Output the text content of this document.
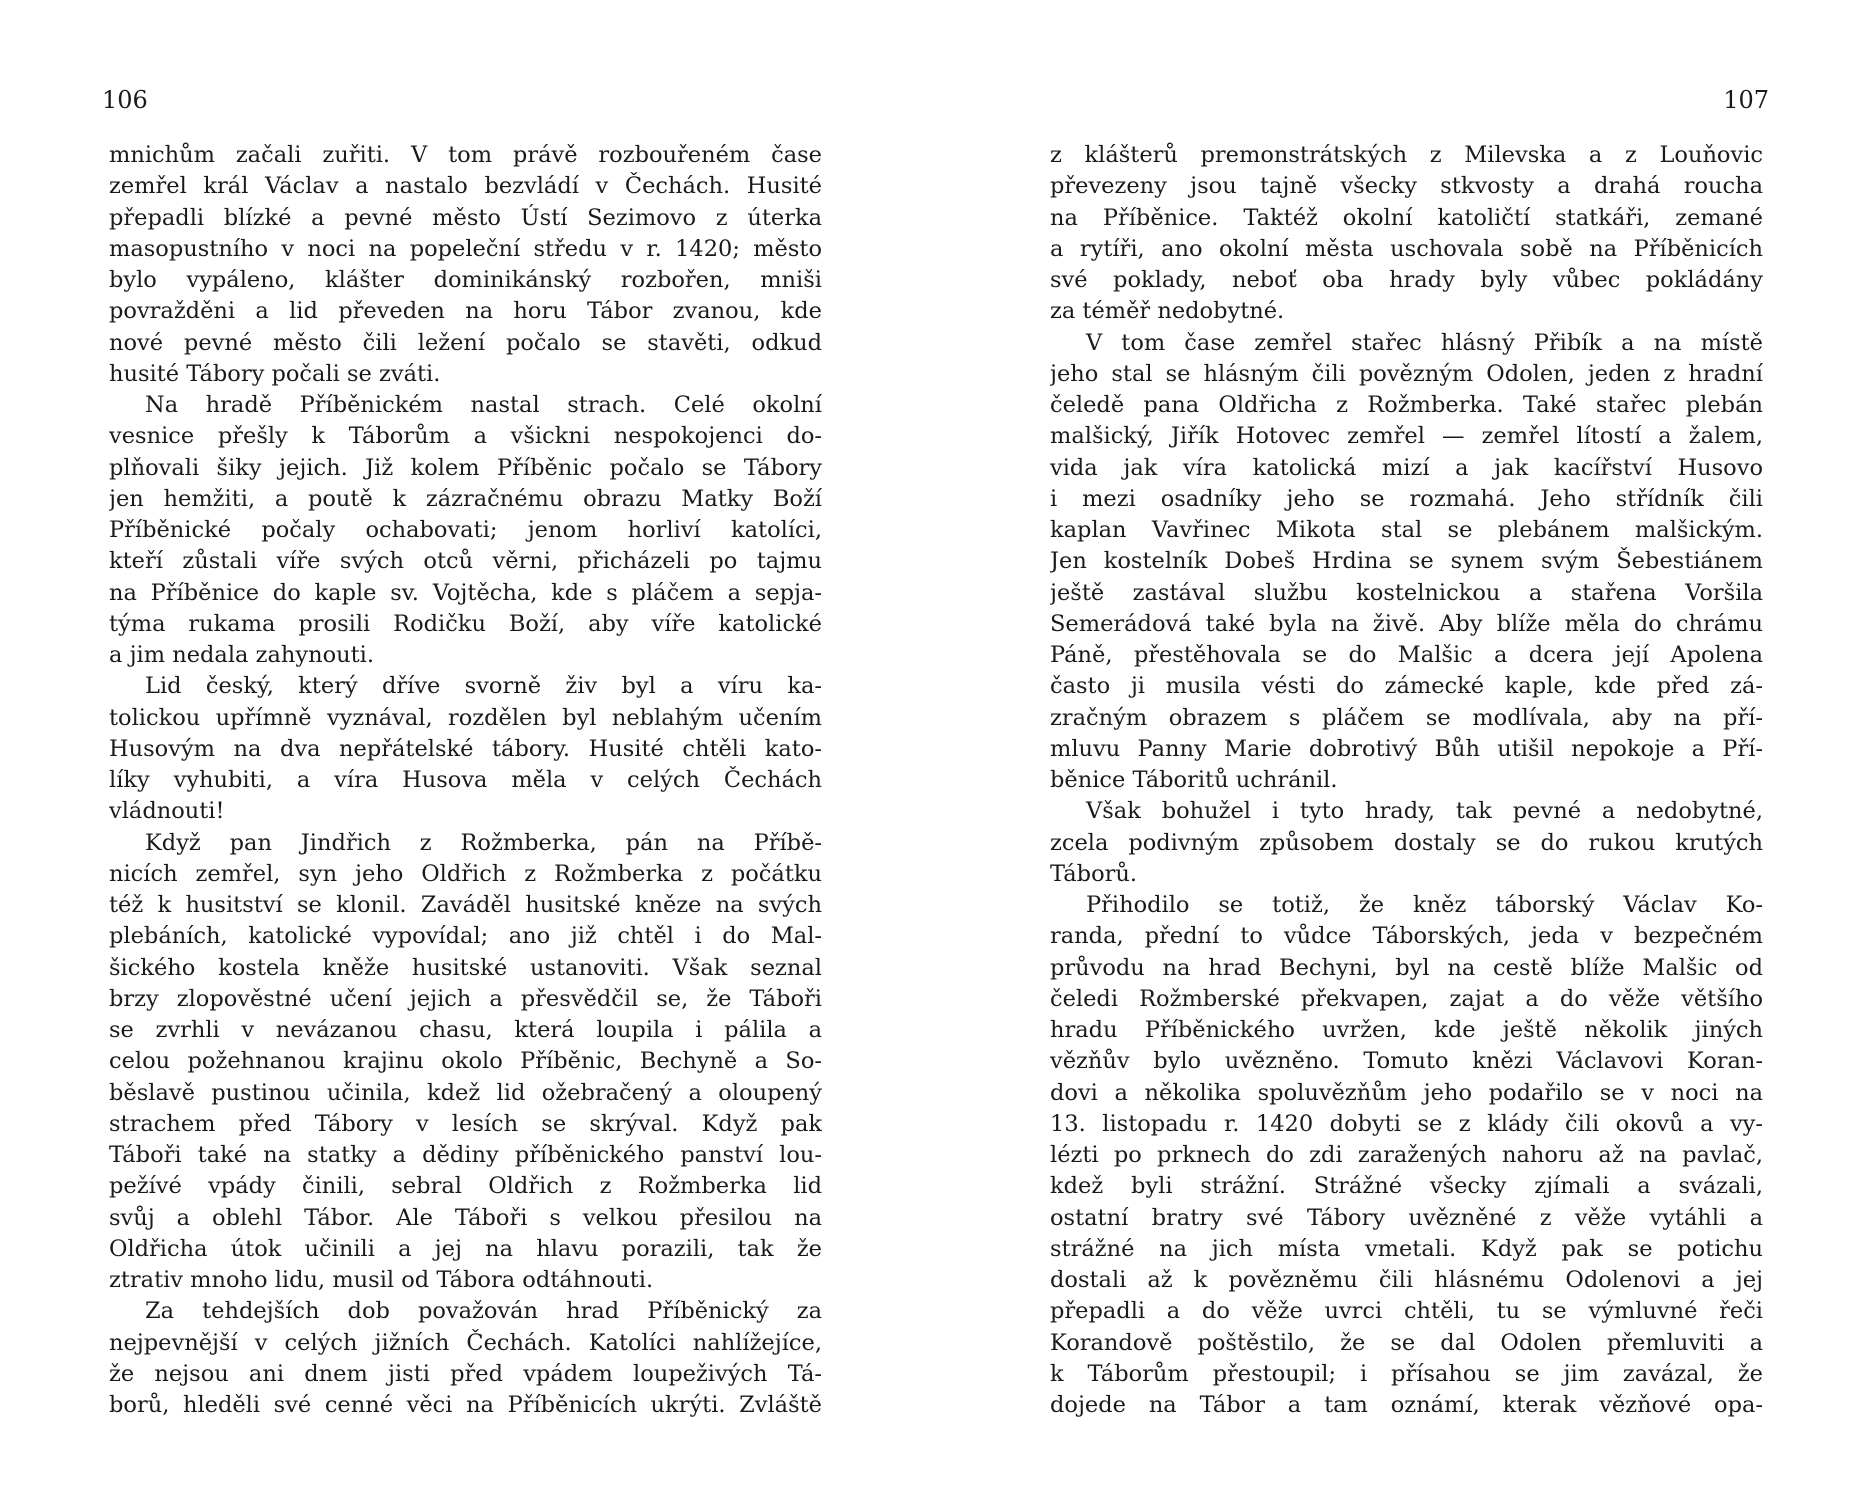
106
mnichům začali zuřiti. V tom právě rozbouřeném čase
zemřel král Václav a nastalo bezvládí v Čechách. Husité
přepadli blízké a pevné město Ústí Sezimovo z úterka
masopustního v noci na popeleční středu v r. 1420; město
bylo vypáleno, klášter dominikánský rozbořen, mniši
povražděni a lid převeden na horu Tábor zvanou, kde
nové pevné město čili ležení počalo se stavěti, odkud
husité Tábory počali se zváti.
Na hradě Příběnickém nastal strach. Celé okolní
vesnice přešly k Táborům a všickni nespokojenci do-
plňovali šiky jejich. Již kolem Příběnic počalo se Tábory
jen hemžiti, a poutě k zázračnému obrazu Matky Boží
Příběnické počaly ochabovati; jenom horliví katolíci,
kteří zůstali víře svých otců věrni, přicházeli po tajmu
na Příběnice do kaple sv. Vojtěcha, kde s pláčem a sepja-
týma rukama prosili Rodičku Boží, aby víře katolické
a jim nedala zahynouti.
Lid český, který dříve svorně živ byl a víru ka-
tolickou upřímně vyznával, rozdělen byl neblahým učením
Husovým na dva nepřátelské tábory. Husité chtěli kato-
líky vyhubiti, a víra Husova měla v celých Čechách
vládnouti!
Když pan Jindřich z Rožmberka, pán na Příbě-
nicích zemřel, syn jeho Oldřich z Rožmberka z počátku
též k husitství se klonil. Zaváděl husitské kněze na svých
plebáních, katolické vypovídal; ano již chtěl i do Mal-
šického kostela kněže husitské ustanoviti. Však seznal
brzy zlopověstné učení jejich a přesvědčil se, že Táboři
se zvrhli v nevázanou chasu, která loupila i pálila a
celou požehnanou krajinu okolo Příběnic, Bechyně a So-
běslavě pustinou učinila, kdež lid ožebračený a oloupený
strachem před Tábory v lesích se skrýval. Když pak
Táboři také na statky a dědiny příběnického panství lou-
pežívé vpády činili, sebral Oldřich z Rožmberka lid
svůj a oblehl Tábor. Ale Táboři s velkou přesilou na
Oldřicha útok učinili a jej na hlavu porazili, tak že
ztrativ mnoho lidu, musil od Tábora odtáhnouti.
Za tehdejších dob považován hrad Příběnický za
nejpevnější v celých jižních Čechách. Katolíci nahlížejíce,
že nejsou ani dnem jisti před vpádem loupeživých Tá-
borů, hleděli své cenné věci na Příběnicích ukrýti. Zvláště
107
z klášterů premonstrátských z Milevska a z Louňovic
převezeny jsou tajně všecky stkvosty a drahá roucha
na Příběnice. Taktéž okolní katoličtí statkáři, zemané
a rytíři, ano okolní města uschovala sobě na Příběnicích
své poklady, neboť oba hrady byly vůbec pokládány
za téměř nedobytné.
V tom čase zemřel stařec hlásný Přibík a na místě
jeho stal se hlásným čili povězným Odolen, jeden z hradní
čeledě pana Oldřicha z Rožmberka. Také stařec plebán
malšický, Jiřík Hotovec zemřel — zemřel lítostí a žalem,
vida jak víra katolická mizí a jak kacířství Husovo
i mezi osadníky jeho se rozmahá. Jeho střídník čili
kaplan Vavřinec Mikota stal se plebánem malšickým.
Jen kostelník Dobeš Hrdina se synem svým Šebestiánem
ještě zastával službu kostelnickou a stařena Voršila
Semerádová také byla na živě. Aby blíže měla do chrámu
Páně, přestěhovala se do Malšic a dcera její Apolena
často ji musila vésti do zámecké kaple, kde před zá-
zračným obrazem s pláčem se modlívala, aby na pří-
mluvu Panny Marie dobrotivý Bůh utišil nepokoje a Pří-
běnice Táboritů uchránil.
Však bohužel i tyto hrady, tak pevné a nedobytné,
zcela podivným způsobem dostaly se do rukou krutých
Táborů.
Přihodilo se totiž, že kněz táborský Václav Ko-
randa, přední to vůdce Táborských, jeda v bezpečném
průvodu na hrad Bechyni, byl na cestě blíže Malšic od
čeledi Rožmberské překvapen, zajat a do věže většího
hradu Příběnického uvržen, kde ještě několik jiných
vězňův bylo uvězněno. Tomuto knězi Václavovi Koran-
dovi a několika spoluvězňům jeho podařilo se v noci na
13. listopadu r. 1420 dobyti se z klády čili okovů a vy-
lézti po prknech do zdi zaražených nahoru až na pavlač,
kdež byli strážní. Strážné všecky zjímali a svázali,
ostatní bratry své Tábory uvězněné z věže vytáhli a
strážné na jich místa vmetali. Když pak se potichu
dostali až k povězněmu čili hlásnému Odolenovi a jej
přepadli a do věže uvrci chtěli, tu se výmluvné řeči
Korandově poštěstilo, že se dal Odolen přemluviti a
k Táborům přestoupil; i přísahou se jim zavázal, že
dojede na Tábor a tam oznámí, kterak vězňové opa-
